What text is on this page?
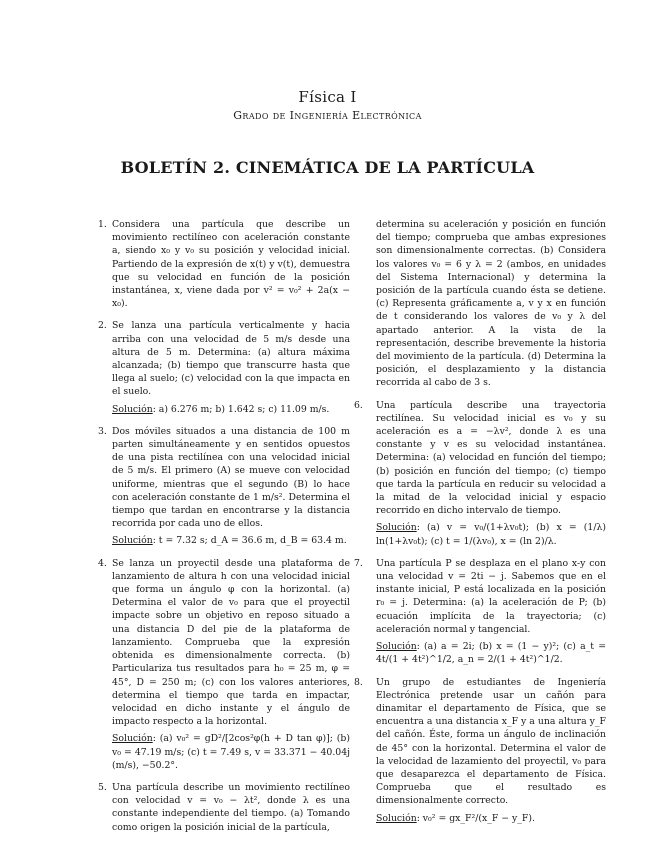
Física I
Grado de Ingeniería Electrónica
BOLETÍN 2. CINEMÁTICA DE LA PARTÍCULA
1. Considera una partícula que describe un movimiento rectilíneo con aceleración constante a, siendo x₀ y v₀ su posición y velocidad inicial. Partiendo de la expresión de x(t) y v(t), demuestra que su velocidad en función de la posición instantánea, x, viene dada por v² = v₀² + 2a(x − x₀).
2. Se lanza una partícula verticalmente y hacia arriba con una velocidad de 5 m/s desde una altura de 5 m. Determina: (a) altura máxima alcanzada; (b) tiempo que transcurre hasta que llega al suelo; (c) velocidad con la que impacta en el suelo.
Solución: a) 6.276 m; b) 1.642 s; c) 11.09 m/s.
3. Dos móviles situados a una distancia de 100 m parten simultáneamente y en sentidos opuestos de una pista rectilínea con una velocidad inicial de 5 m/s. El primero (A) se mueve con velocidad uniforme, mientras que el segundo (B) lo hace con aceleración constante de 1 m/s². Determina el tiempo que tardan en encontrarse y la distancia recorrida por cada uno de ellos.
Solución: t = 7.32 s; d_A = 36.6 m, d_B = 63.4 m.
4. Se lanza un proyectil desde una plataforma de lanzamiento de altura h con una velocidad inicial que forma un ángulo φ con la horizontal. (a) Determina el valor de v₀ para que el proyectil impacte sobre un objetivo en reposo situado a una distancia D del pie de la plataforma de lanzamiento. Comprueba que la expresión obtenida es dimensionalmente correcta. (b) Particulariza tus resultados para h₀ = 25 m, φ = 45°, D = 250 m; (c) con los valores anteriores, determina el tiempo que tarda en impactar, velocidad en dicho instante y el ángulo de impacto respecto a la horizontal.
Solución: (a) v₀² = gD²/[2cos²φ(h + D tan φ)]; (b) v₀ = 47.19 m/s; (c) t = 7.49 s, v = 33.371 − 40.04j (m/s), −50.2°.
5. Una partícula describe un movimiento rectilíneo con velocidad v = v₀ − λt², donde λ es una constante independiente del tiempo. (a) Tomando como origen la posición inicial de la partícula,
determina su aceleración y posición en función del tiempo; comprueba que ambas expresiones son dimensionalmente correctas. (b) Considera los valores v₀ = 6 y λ = 2 (ambos, en unidades del Sistema Internacional) y determina la posición de la partícula cuando ésta se detiene. (c) Representa gráficamente a, v y x en función de t considerando los valores de v₀ y λ del apartado anterior. A la vista de la representación, describe brevemente la historia del movimiento de la partícula. (d) Determina la posición, el desplazamiento y la distancia recorrida al cabo de 3 s.
6. Una partícula describe una trayectoria rectilínea. Su velocidad inicial es v₀ y su aceleración es a = −λv², donde λ es una constante y v es su velocidad instantánea. Determina: (a) velocidad en función del tiempo; (b) posición en función del tiempo; (c) tiempo que tarda la partícula en reducir su velocidad a la mitad de la velocidad inicial y espacio recorrido en dicho intervalo de tiempo.
Solución: (a) v = v₀/(1+λv₀t); (b) x = (1/λ) ln(1+λv₀t); (c) t = 1/(λv₀), x = (ln 2)/λ.
7. Una partícula P se desplaza en el plano x-y con una velocidad v = 2ti − j. Sabemos que en el instante inicial, P está localizada en la posición r₀ = j. Determina: (a) la aceleración de P; (b) ecuación implícita de la trayectoria; (c) aceleración normal y tangencial.
Solución: (a) a = 2i; (b) x = (1 − y)²; (c) a_t = 4t/(1 + 4t²)^1/2, a_n = 2/(1 + 4t²)^1/2.
8. Un grupo de estudiantes de Ingeniería Electrónica pretende usar un cañón para dinamitar el departamento de Física, que se encuentra a una distancia x_F y a una altura y_F del cañón. Éste, forma un ángulo de inclinación de 45° con la horizontal. Determina el valor de la velocidad de lazamiento del proyectil, v₀ para que desaparezca el departamento de Física. Comprueba que el resultado es dimensionalmente correcto.
Solución: v₀² = gx_F²/(x_F − y_F).
